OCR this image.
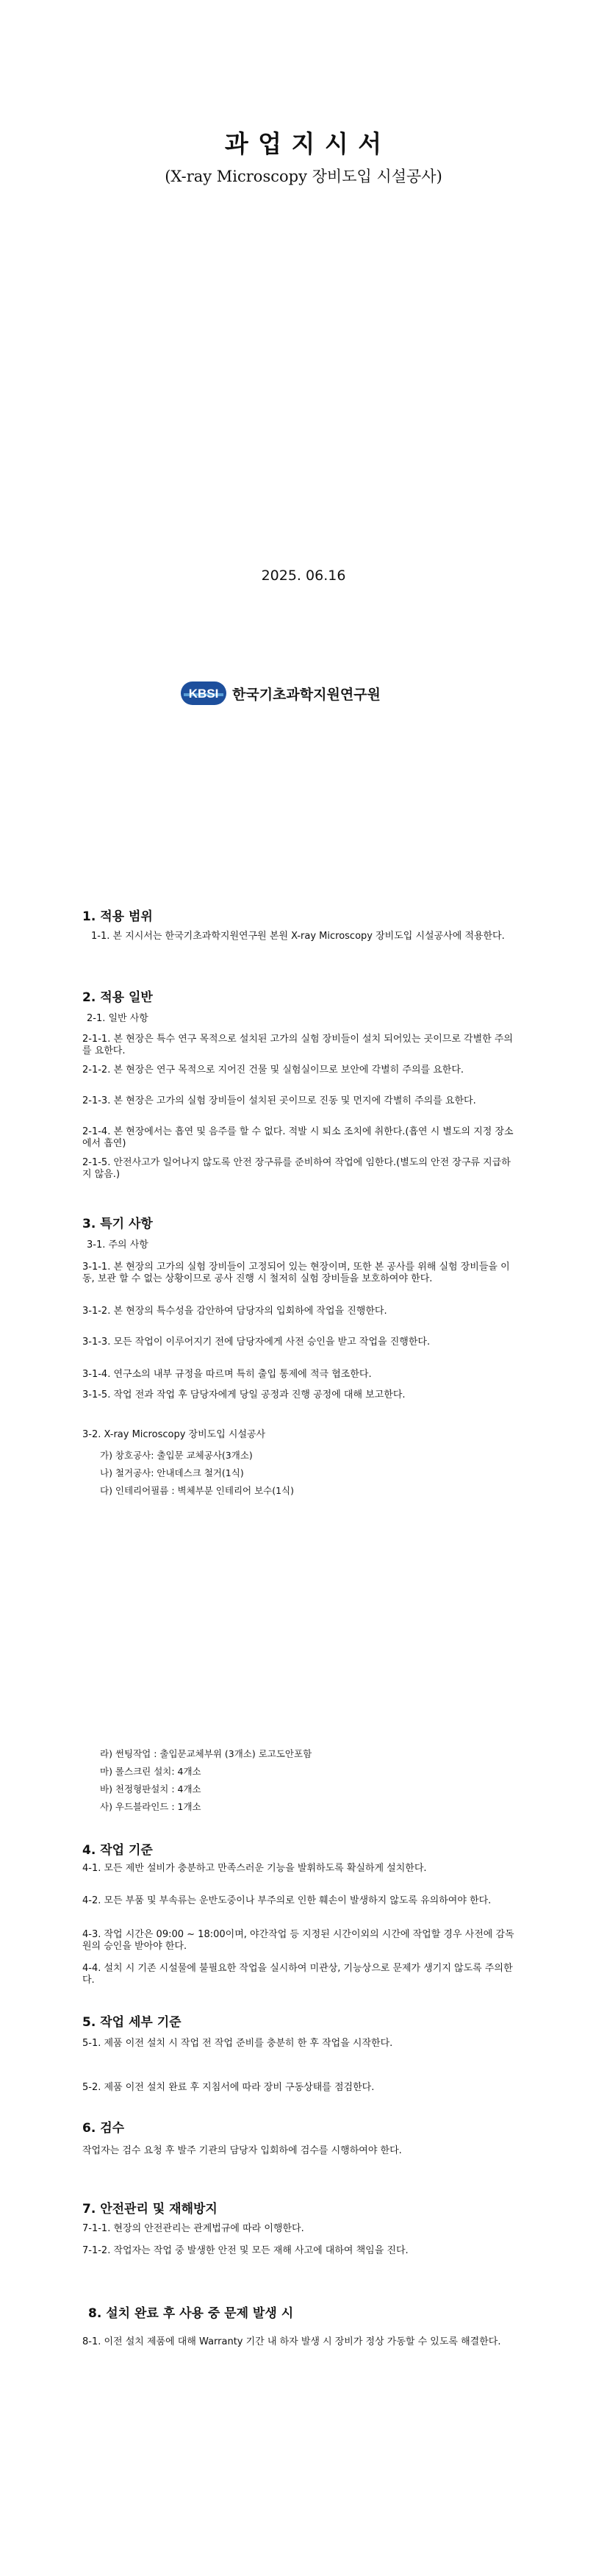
과 업 지 시 서
(X-ray Microscopy 장비도입 시설공사)
2025. 06.16
KBSI 한국기초과학지원연구원
1. 적용 범위

1-1. 본 지시서는 한국기초과학지원연구원 본원 X-ray Microscopy 장비도입 시설공사에 적용한다.

2. 적용 일반

2-1. 일반 사항

2-1-1. 본 현장은 특수 연구 목적으로 설치된 고가의 실험 장비들이 설치 되어있는 곳이므로 각별한 주의를 요한다.

2-1-2. 본 현장은 연구 목적으로 지어진 건물 및 실험실이므로 보안에 각별히 주의를 요한다.

2-1-3. 본 현장은 고가의 실험 장비들이 설치된 곳이므로 진동 및 먼지에 각별히 주의를 요한다.

2-1-4. 본 현장에서는 흡연 및 음주를 할 수 없다. 적발 시 퇴소 조치에 취한다.(흡연 시 별도의 지정 장소에서 흡연)

2-1-5. 안전사고가 일어나지 않도록 안전 장구류를 준비하여 작업에 임한다.(별도의 안전 장구류 지급하지 않음.)

3. 특기 사항

3-1. 주의 사항

3-1-1. 본 현장의 고가의 실험 장비들이 고정되어 있는 현장이며, 또한 본 공사를 위해 실험 장비들을 이동, 보관 할 수 없는 상황이므로 공사 진행 시 철저히 실험 장비들을 보호하여야 한다.

3-1-2. 본 현장의 특수성을 감안하여 담당자의 입회하에 작업을 진행한다.

3-1-3. 모든 작업이 이루어지기 전에 담당자에게 사전 승인을 받고 작업을 진행한다.

3-1-4. 연구소의 내부 규정을 따르며 특히 출입 통제에 적극 협조한다.

3-1-5. 작업 전과 작업 후 담당자에게 당일 공정과 진행 공정에 대해 보고한다.

3-2. X-ray Microscopy 장비도입 시설공사

가) 창호공사: 출입문 교체공사(3개소)

나) 철거공사: 안내데스크 철거(1식)

다) 인테리어필름 : 벽체부분 인테리어 보수(1식)

라) 썬팅작업 : 출입문교체부위 (3개소) 로고도안포함

마) 롤스크린 설치: 4개소

바) 천정형판설치 : 4개소

사) 우드블라인드 : 1개소

4. 작업 기준

4-1. 모든 제반 설비가 충분하고 만족스러운 기능을 발휘하도록 확실하게 설치한다.

4-2. 모든 부품 및 부속류는 운반도중이나 부주의로 인한 훼손이 발생하지 않도록 유의하여야 한다.

4-3. 작업 시간은 09:00 ~ 18:00이며, 야간작업 등 지정된 시간이외의 시간에 작업할 경우 사전에 감독원의 승인을 받아야 한다.

4-4. 설치 시 기존 시설물에 불필요한 작업을 실시하여 미관상, 기능상으로 문제가 생기지 않도록 주의한다.

5. 작업 세부 기준

5-1. 제품 이전 설치 시 작업 전 작업 준비를 충분히 한 후 작업을 시작한다.

5-2. 제품 이전 설치 완료 후 지침서에 따라 장비 구동상태를 점검한다.

6. 검수

작업자는 검수 요청 후 발주 기관의 담당자 입회하에 검수를 시행하여야 한다.

7. 안전관리 및 재해방지

7-1-1. 현장의 안전관리는 관계법규에 따라 이행한다.

7-1-2. 작업자는 작업 중 발생한 안전 및 모든 재해 사고에 대하여 책임을 진다.

8. 설치 완료 후 사용 중 문제 발생 시

8-1. 이전 설치 제품에 대해 Warranty 기간 내 하자 발생 시 장비가 정상 가동할 수 있도록 해결한다.
